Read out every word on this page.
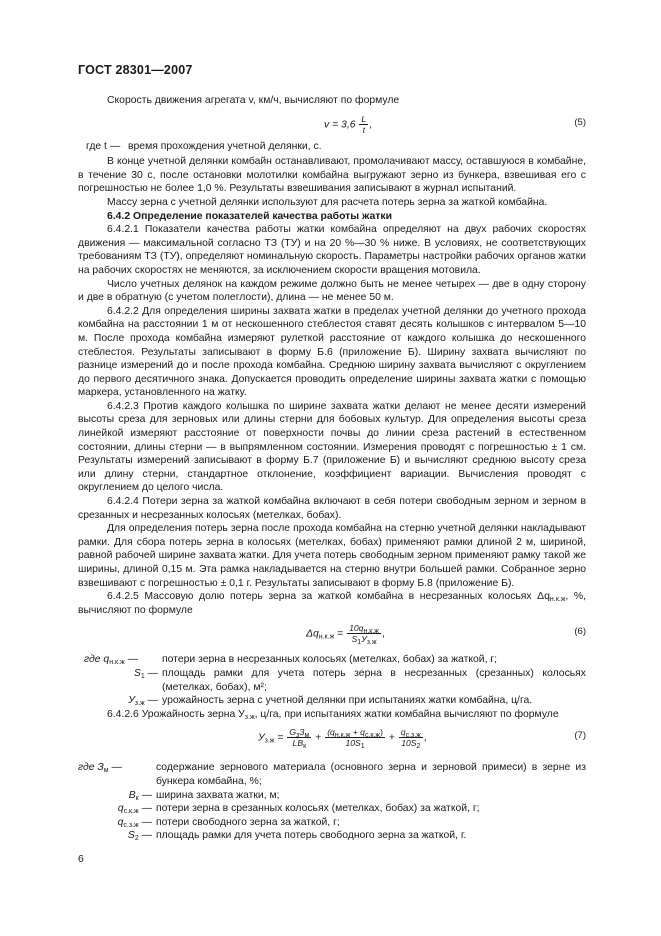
ГОСТ 28301—2007

Скорость движения агрегата v, км/ч, вычисляют по формуле

$v = 3,6 \frac{L}{t}$ ,	(5)
где t — время прохождения учетной делянки, с.

В конце учетной делянки комбайн останавливают, промолачивают массу, оставшуюся в комбайне, в течение 30 с, после остановки молотилки комбайна выгружают зерно из бункера, взвешивая его с погрешностью не более 1,0 %. Результаты взвешивания записывают в журнал испытаний.

Массу зерна с учетной делянки используют для расчета потерь зерна за жаткой комбайна.

6.4.2 Определение показателей качества работы жатки

6.4.2.1 Показатели качества работы жатки комбайна определяют на двух рабочих скоростях движения — максимальной согласно ТЗ (ТУ) и на 20 %—30 % ниже. В условиях, не соответствующих требованиям ТЗ (ТУ), определяют номинальную скорость. Параметры настройки рабочих органов жатки на рабочих скоростях не меняются, за исключением скорости вращения мотовила.

Число учетных делянок на каждом режиме должно быть не менее четырех — две в одну сторону и две в обратную (с учетом полеглости), длина — не менее 50 м.

6.4.2.2 Для определения ширины захвата жатки в пределах учетной делянки до учетного прохода комбайна на расстоянии 1 м от нескошенного стеблестоя ставят десять колышков с интервалом 5—10 м. После прохода комбайна измеряют рулеткой расстояние от каждого колышка до нескошенного стеблестоя. Результаты записывают в форму Б.6 (приложение Б). Ширину захвата вычисляют по разнице измерений до и после прохода комбайна. Среднюю ширину захвата вычисляют с округлением до первого десятичного знака. Допускается проводить определение ширины захвата жатки с помощью маркера, установленного на жатку.

6.4.2.3 Против каждого колышка по ширине захвата жатки делают не менее десяти измерений высоты среза для зерновых или длины стерни для бобовых культур. Для определения высоты среза линейкой измеряют расстояние от поверхности почвы до линии среза растений в естественном состоянии, длины стерни — в выпрямленном состоянии. Измерения проводят с погрешностью ± 1 см. Результаты измерений записывают в форму Б.7 (приложение Б) и вычисляют среднюю высоту среза или длину стерни, стандартное отклонение, коэффициент вариации. Вычисления проводят с округлением до целого числа.

6.4.2.4 Потери зерна за жаткой комбайна включают в себя потери свободным зерном и зерном в срезанных и несрезанных колосьях (метелках, бобах).

Для определения потерь зерна после прохода комбайна на стерню учетной делянки накладывают рамки. Для сбора потерь зерна в колосьях (метелках, бобах) применяют рамки длиной 2 м, шириной, равной рабочей ширине захвата жатки. Для учета потерь свободным зерном применяют рамку такой же ширины, длиной 0,15 м. Эта рамка накладывается на стерню внутри большей рамки. Собранное зерно взвешивают с погрешностью ± 0,1 г. Результаты записывают в форму Б.8 (приложение Б).

6.4.2.5 Массовую долю потерь зерна за жаткой комбайна в несрезанных колосьях $\Delta q_{н.к.ж}$, %, вычисляют по формуле

$\Delta q_{н.к.ж} = \frac{10q_{н.к.ж}}{S_1У_{з.ж}}$ ,	(6)
где $q_{н.к.ж}$ —	потери зерна в несрезанных колосьях (метелках, бобах) за жаткой, г;
$S_1$ — площадь рамки для учета потерь зерна в несрезанных (срезанных) колосьях (метелках, бобах), м²;
$У_{з.ж}$ — урожайность зерна с учетной делянки при испытаниях жатки комбайна, ц/га.

6.4.2.6 Урожайность зерна $У_{з.ж}$, ц/га, при испытаниях жатки комбайна вычисляют по формуле

$У_{з.ж} = \frac{G_зЗ_м}{LB_к} + \frac{(q_{н.к.ж} + q_{с.к.ж})}{10S_1} + \frac{q_{с.з.ж}}{10S_2}$ ,	(7)
где $З_м$ —	содержание зернового материала (основного зерна и зерновой примеси) в зерне из бункера комбайна, %;
$B_к$ — ширина захвата жатки, м;
$q_{с.к.ж}$ — потери зерна в срезанных колосьях (метелках, бобах) за жаткой, г;
$q_{с.з.ж}$ — потери свободного зерна за жаткой, г;
$S_2$ — площадь рамки для учета потерь свободного зерна за жаткой, г.
6
